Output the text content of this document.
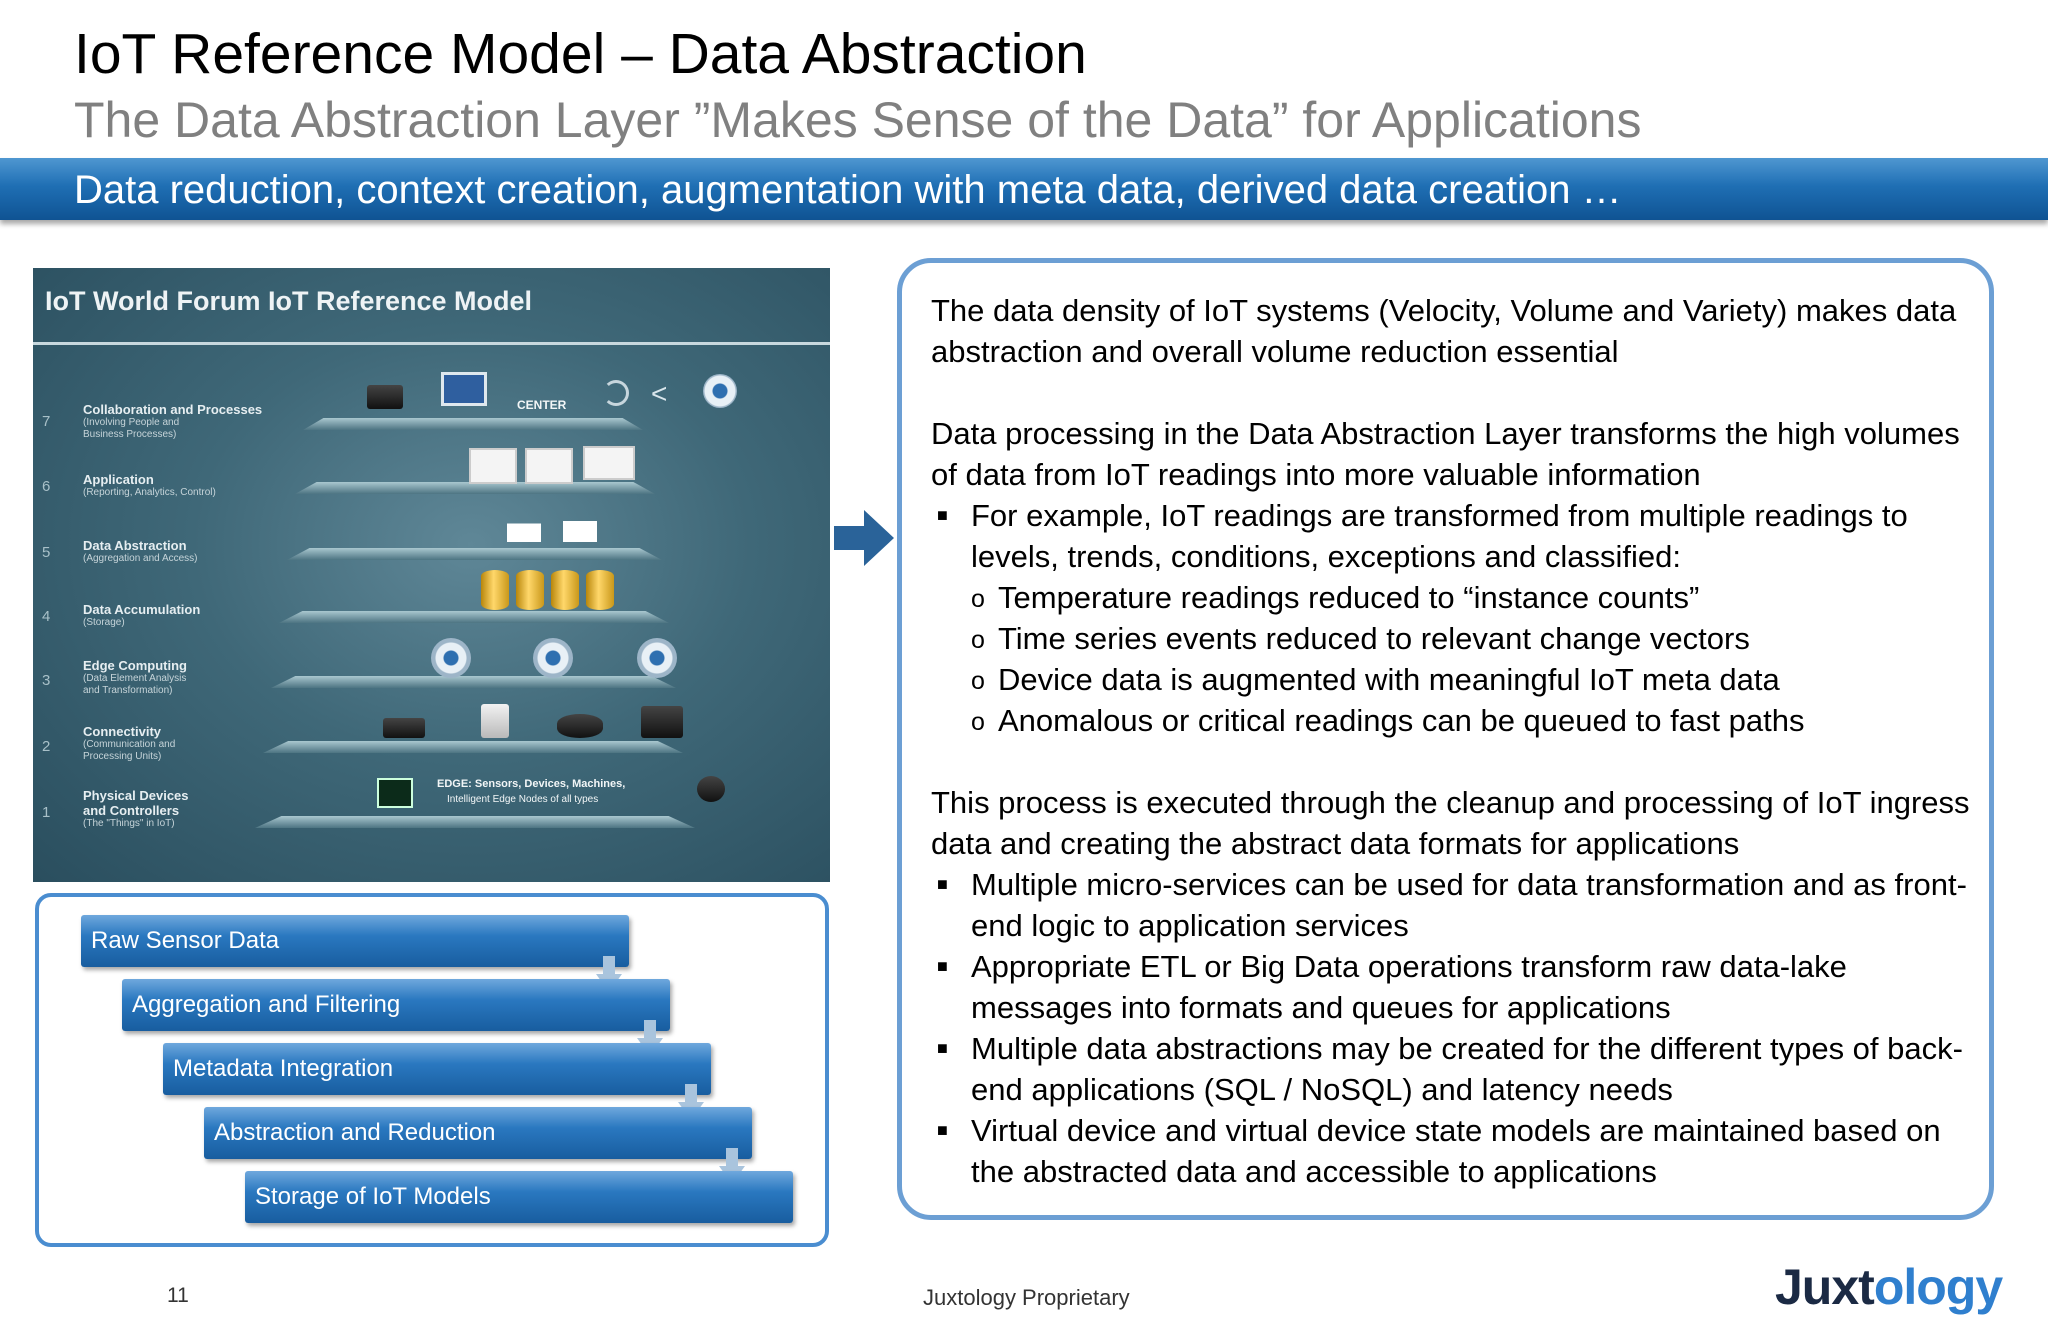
IoT Reference Model – Data Abstraction
The Data Abstraction Layer ”Makes Sense of the Data” for Applications
Data reduction, context creation, augmentation with meta data, derived data creation …
IoT World Forum IoT Reference Model
7
Collaboration and Processes
(Involving People and
Business Processes)
6	Application
(Reporting, Analytics, Control)
5	Data Abstraction
(Aggregation and Access)
4	Data Accumulation
(Storage)
3
Edge Computing
(Data Element Analysis
and Transformation)
2
Connectivity
(Communication and
Processing Units)
1
Physical Devices
and Controllers
(The "Things" in IoT)
CENTER	<
EDGE: Sensors, Devices, Machines,
Intelligent Edge Nodes of all types
Raw Sensor Data
Aggregation and Filtering
Metadata Integration
Abstraction and Reduction
Storage of IoT Models

The data density of IoT systems (Velocity, Volume and Variety) makes data abstraction and overall volume reduction essential

Data processing in the Data Abstraction Layer transforms the high volumes of data from IoT readings into more valuable information

■ For example, IoT readings are transformed from multiple readings to levels, trends, conditions, exceptions and classified:

o Temperature readings reduced to “instance counts”

o Time series events reduced to relevant change vectors

o Device data is augmented with meaningful IoT meta data

o Anomalous or critical readings can be queued to fast paths

This process is executed through the cleanup and processing of IoT ingress data and creating the abstract data formats for applications

■ Multiple micro-services can be used for data transformation and as front-end logic to application services

■ Appropriate ETL or Big Data operations transform raw data-lake messages into formats and queues for applications

■ Multiple data abstractions may be created for the different types of back-end applications (SQL / NoSQL) and latency needs

■ Virtual device and virtual device state models are maintained based on the abstracted data and accessible to applications

11	Juxtology Proprietary	Juxtology
